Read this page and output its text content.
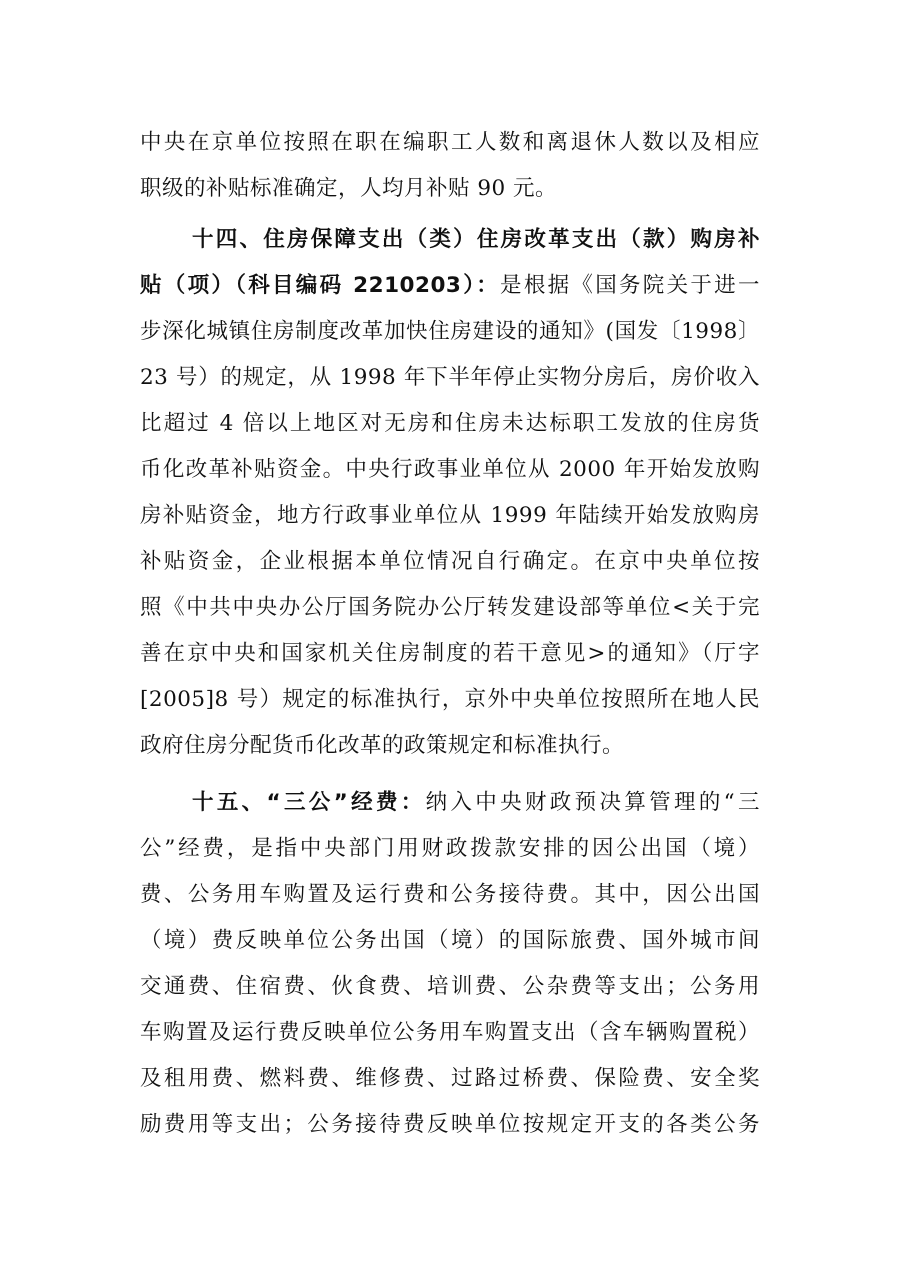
中央在京单位按照在职在编职工人数和离退休人数以及相应
职级的补贴标准确定，人均月补贴 90 元。
十四、住房保障支出（类）住房改革支出（款）购房补
贴（项）（科目编码 2210203）：是根据《国务院关于进一
步深化城镇住房制度改革加快住房建设的通知》(国发〔1998〕
23 号）的规定，从 1998 年下半年停止实物分房后，房价收入
比超过 4 倍以上地区对无房和住房未达标职工发放的住房货
币化改革补贴资金。中央行政事业单位从 2000 年开始发放购
房补贴资金，地方行政事业单位从 1999 年陆续开始发放购房
补贴资金，企业根据本单位情况自行确定。在京中央单位按
照《中共中央办公厅国务院办公厅转发建设部等单位<关于完
善在京中央和国家机关住房制度的若干意见>的通知》（厅字
[2005]8 号）规定的标准执行，京外中央单位按照所在地人民
政府住房分配货币化改革的政策规定和标准执行。
十五、“三公”经费：纳入中央财政预决算管理的“三
公”经费，是指中央部门用财政拨款安排的因公出国（境）
费、公务用车购置及运行费和公务接待费。其中，因公出国
（境）费反映单位公务出国（境）的国际旅费、国外城市间
交通费、住宿费、伙食费、培训费、公杂费等支出；公务用
车购置及运行费反映单位公务用车购置支出（含车辆购置税）
及租用费、燃料费、维修费、过路过桥费、保险费、安全奖
励费用等支出；公务接待费反映单位按规定开支的各类公务
